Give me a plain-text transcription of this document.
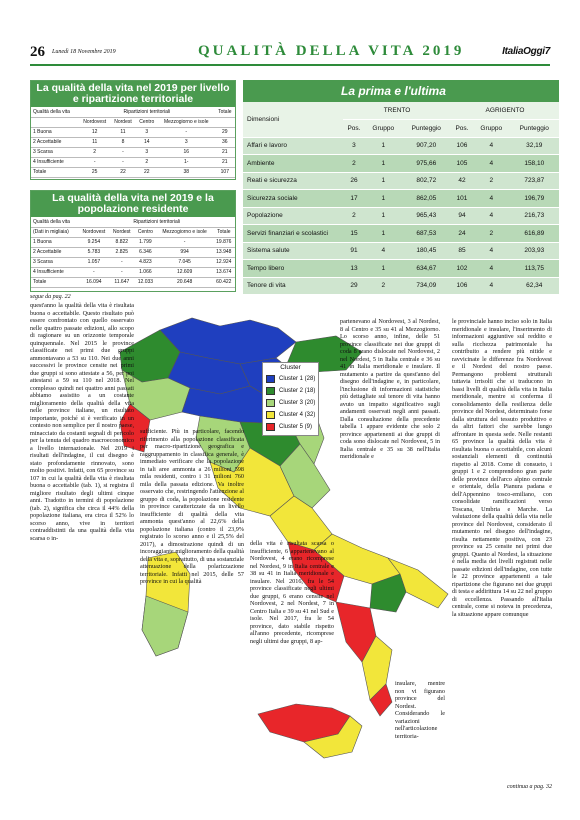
26 Lunedì 18 Novembre 2019	QUALITÀ DELLA VITA 2019	ItaliaOggi7
La qualità della vita nel 2019 per livello e ripartizione territoriale
Qualità della vita	Ripartizioni territoriali				Totale
	Nordovest	Nordest	Centro	Mezzogiorno e isole	
1 Buona	12	11	3	-	29
2 Accettabile	11	8	14	3	36
3 Scarsa	2	-	3	16	21
4 Insufficiente	-	-	2	1-	21
Totale	25	22	22	38	107
La qualità della vita nel 2019 e la popolazione residente
Qualità della vita	Ripartizioni territoriali				
(Dati in migliaia)	Nordovest	Nordest	Centro	Mezzogiorno e isole	Totale
1 Buona	9.254	8.822	1.799	-	19.876
2 Accettabile	5.783	2.825	6.346	994	13.948
3 Scarsa	1.057	-	4.823	7.045	12.924
4 Insufficiente	-	-	1.066	12.609	13.674
Totale	16.094	11.647	12.033	20.648	60.422
La prima e l'ultima
Dimensioni	TRENTO			AGRIGENTO		
	Pos.	Gruppo	Punteggio	Pos.	Gruppo	Punteggio
Affari e lavoro	3	1	907,20	106	4	32,19
Ambiente	2	1	975,66	105	4	158,10
Reati e sicurezza	26	1	802,72	42	2	723,87
Sicurezza sociale	17	1	862,05	101	4	196,79
Popolazione	2	1	965,43	94	4	216,73
Servizi finanziari e scolastici	15	1	687,53	24	2	616,89
Sistema salute	91	4	180,45	85	4	203,93
Tempo libero	13	1	634,67	102	4	113,75
Tenore di vita	29	2	734,09	106	4	62,34
segue da pag. 22
Cluster
Cluster 1 (28)
Cluster 2 (18)
Cluster 3 (20)
Cluster 4 (32)
Cluster 5 (9)
quest'anno la qualità della vita è risultata buona o accettabile. Questo risultato può essere confrontato con quello osservato nelle quattro passate edizioni, allo scopo di ragionare su un orizzonte temporale quinquennale. Nel 2015 le province classificate nei primi due gruppi ammontavano a 53 su 110. Nei due anni successivi le province censite nei primi due gruppi si sono attestate a 56, per poi attestarsi a 59 su 110 nel 2018. Nel complesso quindi nei quattro anni passati abbiamo assistito a un costante miglioramento della qualità della vita nelle province italiane, un risultato importante, poiché si è verificato in un contesto non semplice per il nostro paese, minacciato da costanti segnali di pericolo per la tenuta del quadro macroeconomico a livello internazionale. Nel 2019 i risultati dell'indagine, il cui disegno è stato profondamente rinnovato, sono molto positivi. Infatti, con 65 province su 107 in cui la qualità della vita è risultata buona o accettabile (tab. 1), si registra il migliore risultato degli ultimi cinque anni. Tradotto in termini di popolazione (tab. 2), significa che circa il 44% della popolazione italiana, era circa il 52% lo scorso anno, vive in territori contraddistinti da una qualità della vita scarsa o in-
sufficiente. Più in particolare, facendo riferimento alla popolazione classificata per macro-ripartizione geografica e raggruppamento in classifica generale, è immediato verificare che la popolazione in tali aree ammonta a 26 milioni 598 mila residenti, contro i 31 milioni 760 mila della passata edizione. Va inoltre osservato che, restringendo l'attenzione al gruppo di coda, la popolazione residente in province caratterizzate da un livello insufficiente di qualità della vita ammonta quest'anno al 22,6% della popolazione italiana (contro il 23,9% registrato lo scorso anno e il 25,5% del 2017), a dimostrazione quindi di un incoraggiante miglioramento della qualità della vita e, soprattutto, di una sostanziale attenuazione della polarizzazione territoriale. Infatti nel 2015, delle 57 province in cui la qualità
della vita è risultata scarsa o insufficiente, 6 appartenevano al Nordovest, 4 erano ricomprese nel Nordest, 9 in Italia centrale e 38 su 41 in Italia meridionale e insulare. Nel 2016, fra le 54 province classificate negli ultimi due gruppi, 6 erano censite nel Nordovest, 2 nel Nordest, 7 in Centro Italia e 39 su 41 nel Sud e isole. Nel 2017, fra le 54 province, dato stabile rispetto all'anno precedente, ricomprese negli ultimi due gruppi, 8 ap-
partenevano al Nordovest, 3 al Nordest, 8 al Centro e 35 su 41 al Mezzogiorno. Lo scorso anno, infine, delle 51 province classificate nei due gruppi di coda 8 erano dislocate nel Nordovest, 2 nel Nordest, 5 in Italia centrale e 36 su 41 in Italia meridionale e insulare. Il mutamento a partire da quest'anno del disegno dell'indagine e, in particolare, l'inclusione di informazioni statistiche più dettagliate sul tenore di vita hanno avuto un impatto significativo sugli andamenti osservati negli anni passati. Dalla consultazione della precedente tabella 1 appare evidente che solo 2 province appartenenti ai due gruppi di coda sono dislocate nel Nordovest, 5 in Italia centrale e 35 su 38 nell'Italia meridionale e
insulare, mentre non vi figurano province del Nordest. Considerando le variazioni nell'articolazione territoria-
le provinciale hanno inciso solo in Italia meridionale e insulare, l'inserimento di informazioni aggiuntive sul reddito e sulla ricchezza patrimoniale ha contribuito a rendere più nitide e ravvicinate le differenze fra Nordovest e il Nordest del nostro paese. Permangono problemi strutturali tuttavia irrisolti che si traducono in bassi livelli di qualità della vita in Italia meridionale, mentre si conferma il consolidamento della resilienza delle province del Nordest, determinato forse dalla struttura del tessuto produttivo e da altri fattori che sarebbe lungo affrontare in questa sede. Nelle restanti 65 province la qualità della vita è risultata buona o accettabile, con alcuni sostanziali elementi di continuità rispetto al 2018. Come di consueto, i gruppi 1 e 2 comprendono gran parte delle province dell'arco alpino centrale e orientale, della Pianura padana e dell'Appennino tosco-emiliano, con consolidate ramificazioni verso Toscana, Umbria e Marche. La valutazione della qualità della vita nelle province del Nordovest, considerato il mutamento nel disegno dell'indagine, risulta nettamente positiva, con 23 province su 25 censite nei primi due gruppi. Quanto al Nordest, la situazione è nella media dei livelli registrati nelle passate edizioni dell'indagine, con tutte le 22 province appartenenti a tale ripartizione che figurano nei due gruppi di testa e addirittura 14 su 22 nel gruppo di eccellenza. Passando all'Italia centrale, come si noteva in precedenza, la situazione appare comunque
continua a pag. 32
